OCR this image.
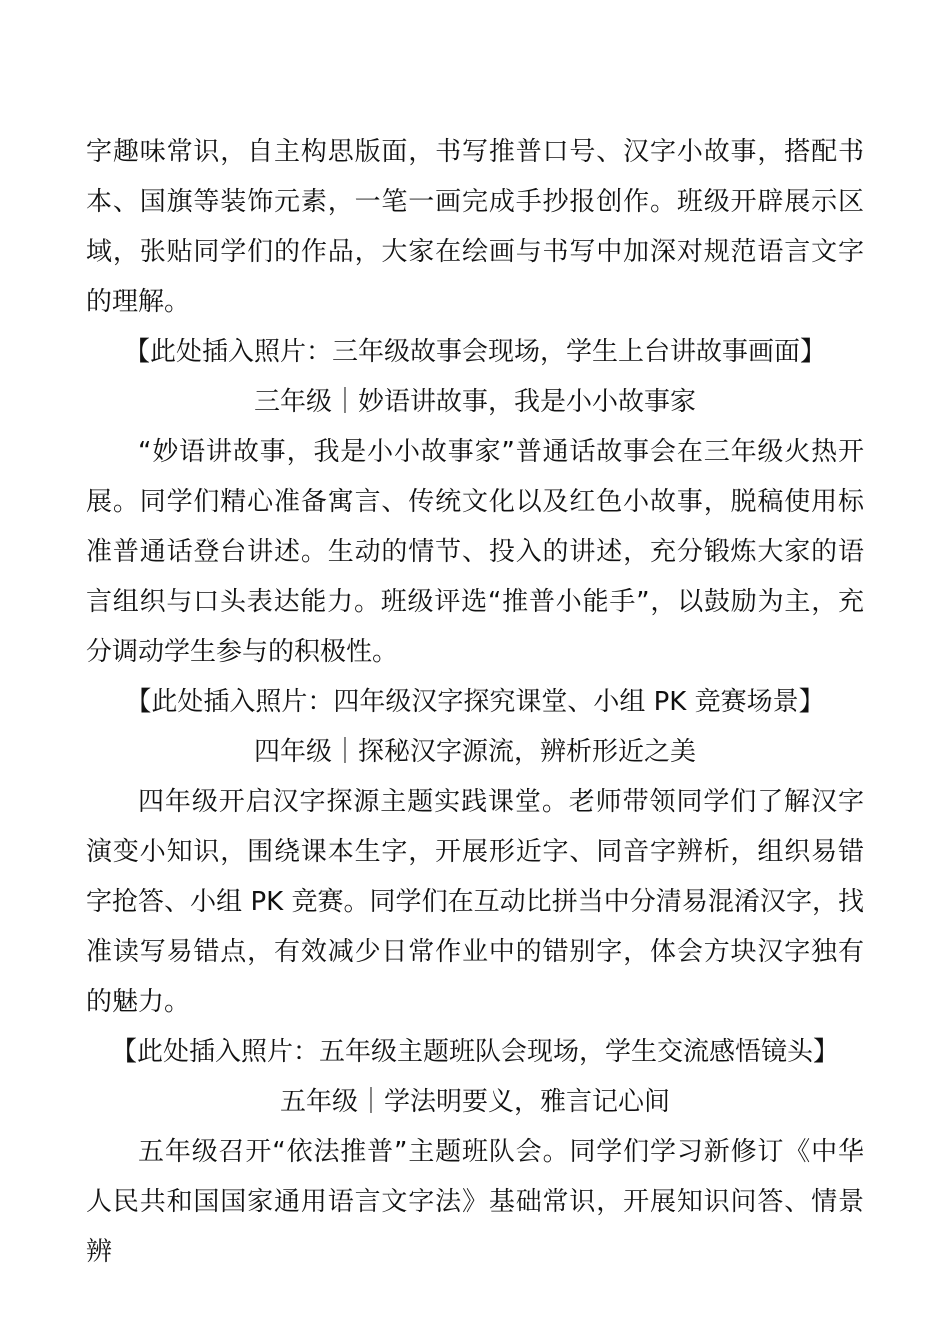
字趣味常识，自主构思版面，书写推普口号、汉字小故事，搭配书本、国旗等装饰元素，一笔一画完成手抄报创作。班级开辟展示区域，张贴同学们的作品，大家在绘画与书写中加深对规范语言文字的理解。

【此处插入照片：三年级故事会现场，学生上台讲故事画面】

三年级｜妙语讲故事，我是小小故事家

“妙语讲故事，我是小小故事家”普通话故事会在三年级火热开展。同学们精心准备寓言、传统文化以及红色小故事，脱稿使用标准普通话登台讲述。生动的情节、投入的讲述，充分锻炼大家的语言组织与口头表达能力。班级评选“推普小能手”，以鼓励为主，充分调动学生参与的积极性。

【此处插入照片：四年级汉字探究课堂、小组 PK 竞赛场景】

四年级｜探秘汉字源流，辨析形近之美

四年级开启汉字探源主题实践课堂。老师带领同学们了解汉字演变小知识，围绕课本生字，开展形近字、同音字辨析，组织易错字抢答、小组 PK 竞赛。同学们在互动比拼当中分清易混淆汉字，找准读写易错点，有效减少日常作业中的错别字，体会方块汉字独有的魅力。

【此处插入照片：五年级主题班队会现场，学生交流感悟镜头】

五年级｜学法明要义，雅言记心间

五年级召开“依法推普”主题班队会。同学们学习新修订《中华人民共和国国家通用语言文字法》基础常识，开展知识问答、情景辨
